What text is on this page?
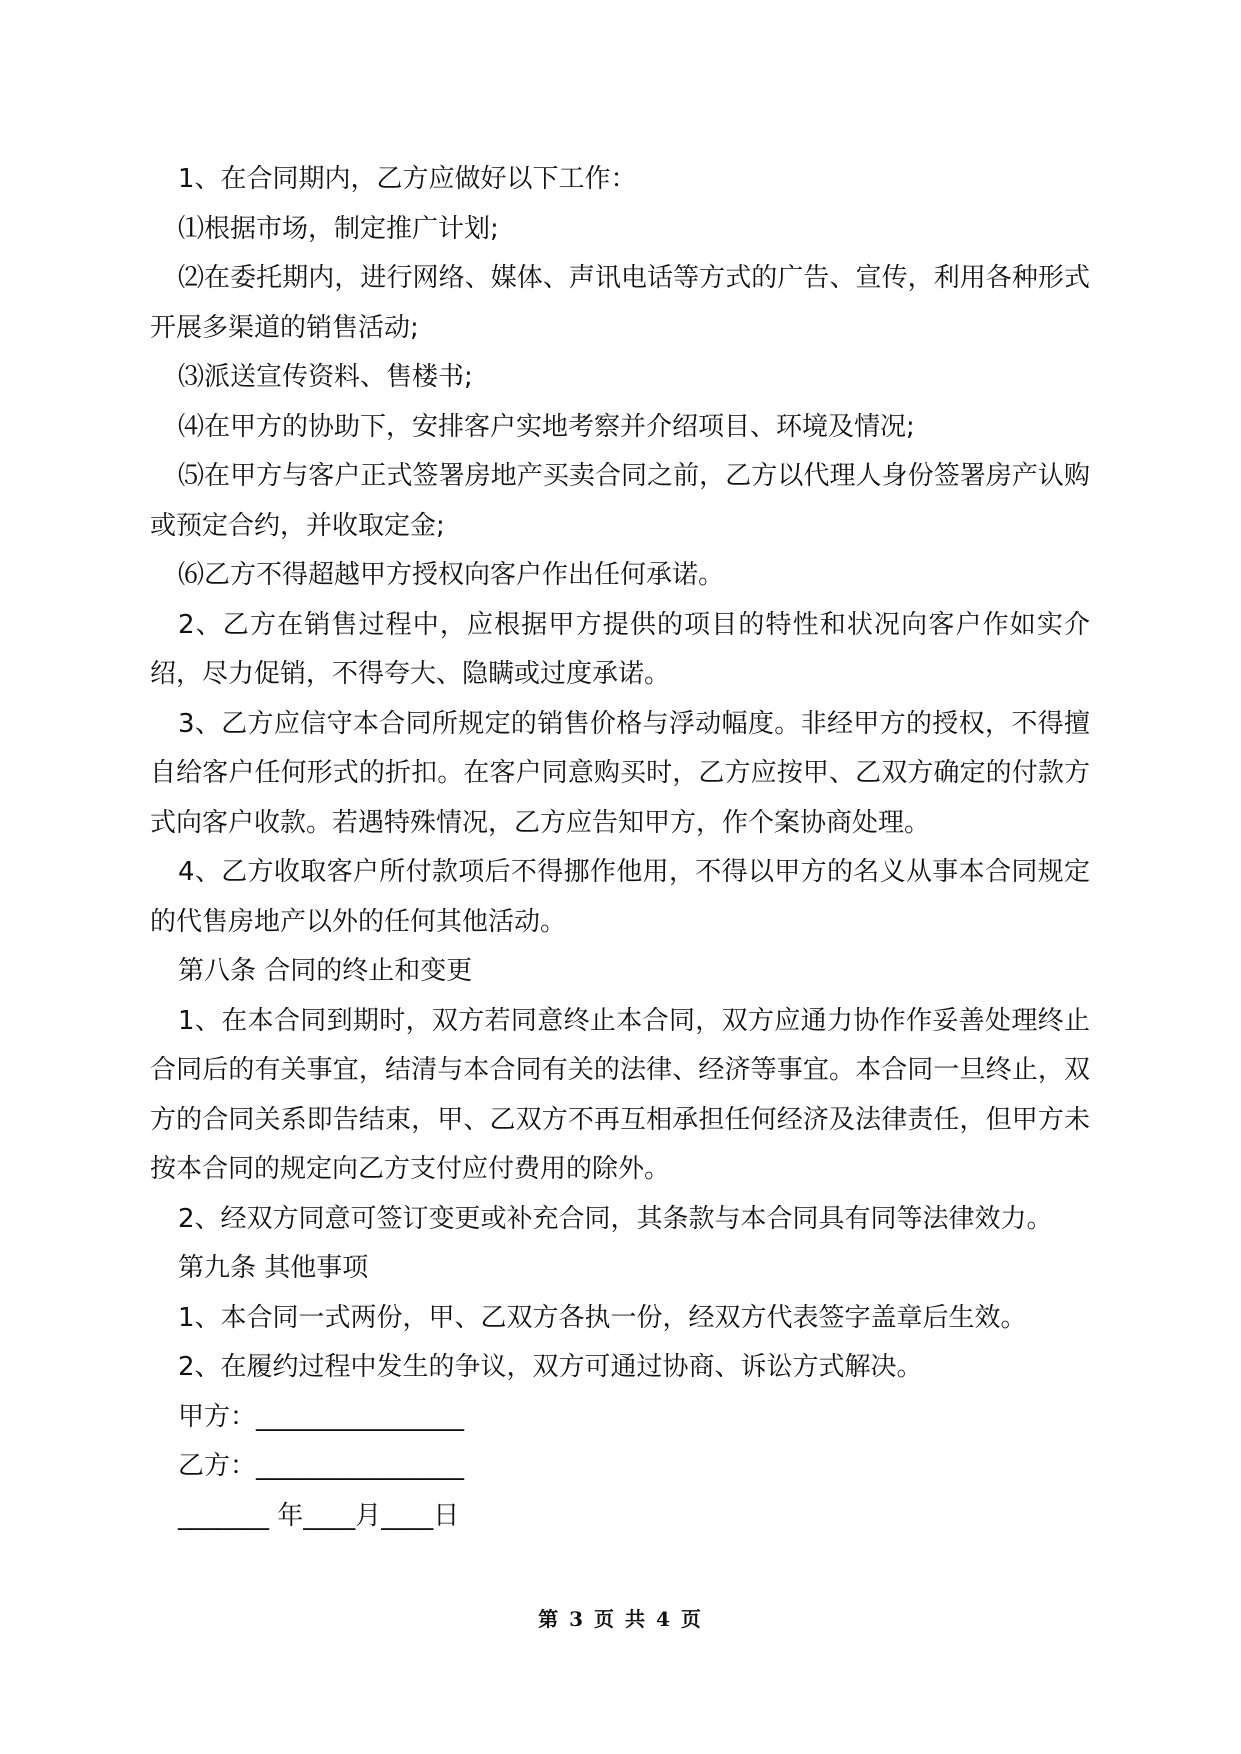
1、在合同期内，乙方应做好以下工作：

⑴根据市场，制定推广计划;

⑵在委托期内，进行网络、媒体、声讯电话等方式的广告、宣传，利用各种形式开展多渠道的销售活动;

⑶派送宣传资料、售楼书;

⑷在甲方的协助下，安排客户实地考察并介绍项目、环境及情况;

⑸在甲方与客户正式签署房地产买卖合同之前，乙方以代理人身份签署房产认购或预定合约，并收取定金;

⑹乙方不得超越甲方授权向客户作出任何承诺。

2、乙方在销售过程中，应根据甲方提供的项目的特性和状况向客户作如实介绍，尽力促销，不得夸大、隐瞒或过度承诺。

3、乙方应信守本合同所规定的销售价格与浮动幅度。非经甲方的授权，不得擅自给客户任何形式的折扣。在客户同意购买时，乙方应按甲、乙双方确定的付款方式向客户收款。若遇特殊情况，乙方应告知甲方，作个案协商处理。

4、乙方收取客户所付款项后不得挪作他用，不得以甲方的名义从事本合同规定的代售房地产以外的任何其他活动。

第八条 合同的终止和变更

1、在本合同到期时，双方若同意终止本合同，双方应通力协作作妥善处理终止合同后的有关事宜，结清与本合同有关的法律、经济等事宜。本合同一旦终止，双方的合同关系即告结束，甲、乙双方不再互相承担任何经济及法律责任，但甲方未按本合同的规定向乙方支付应付费用的除外。

2、经双方同意可签订变更或补充合同，其条款与本合同具有同等法律效力。

第九条 其他事项

1、本合同一式两份，甲、乙双方各执一份，经双方代表签字盖章后生效。

2、在履约过程中发生的争议，双方可通过协商、诉讼方式解决。

甲方：________________

乙方：________________

_______ 年____月____日

第 3 页 共 4 页
